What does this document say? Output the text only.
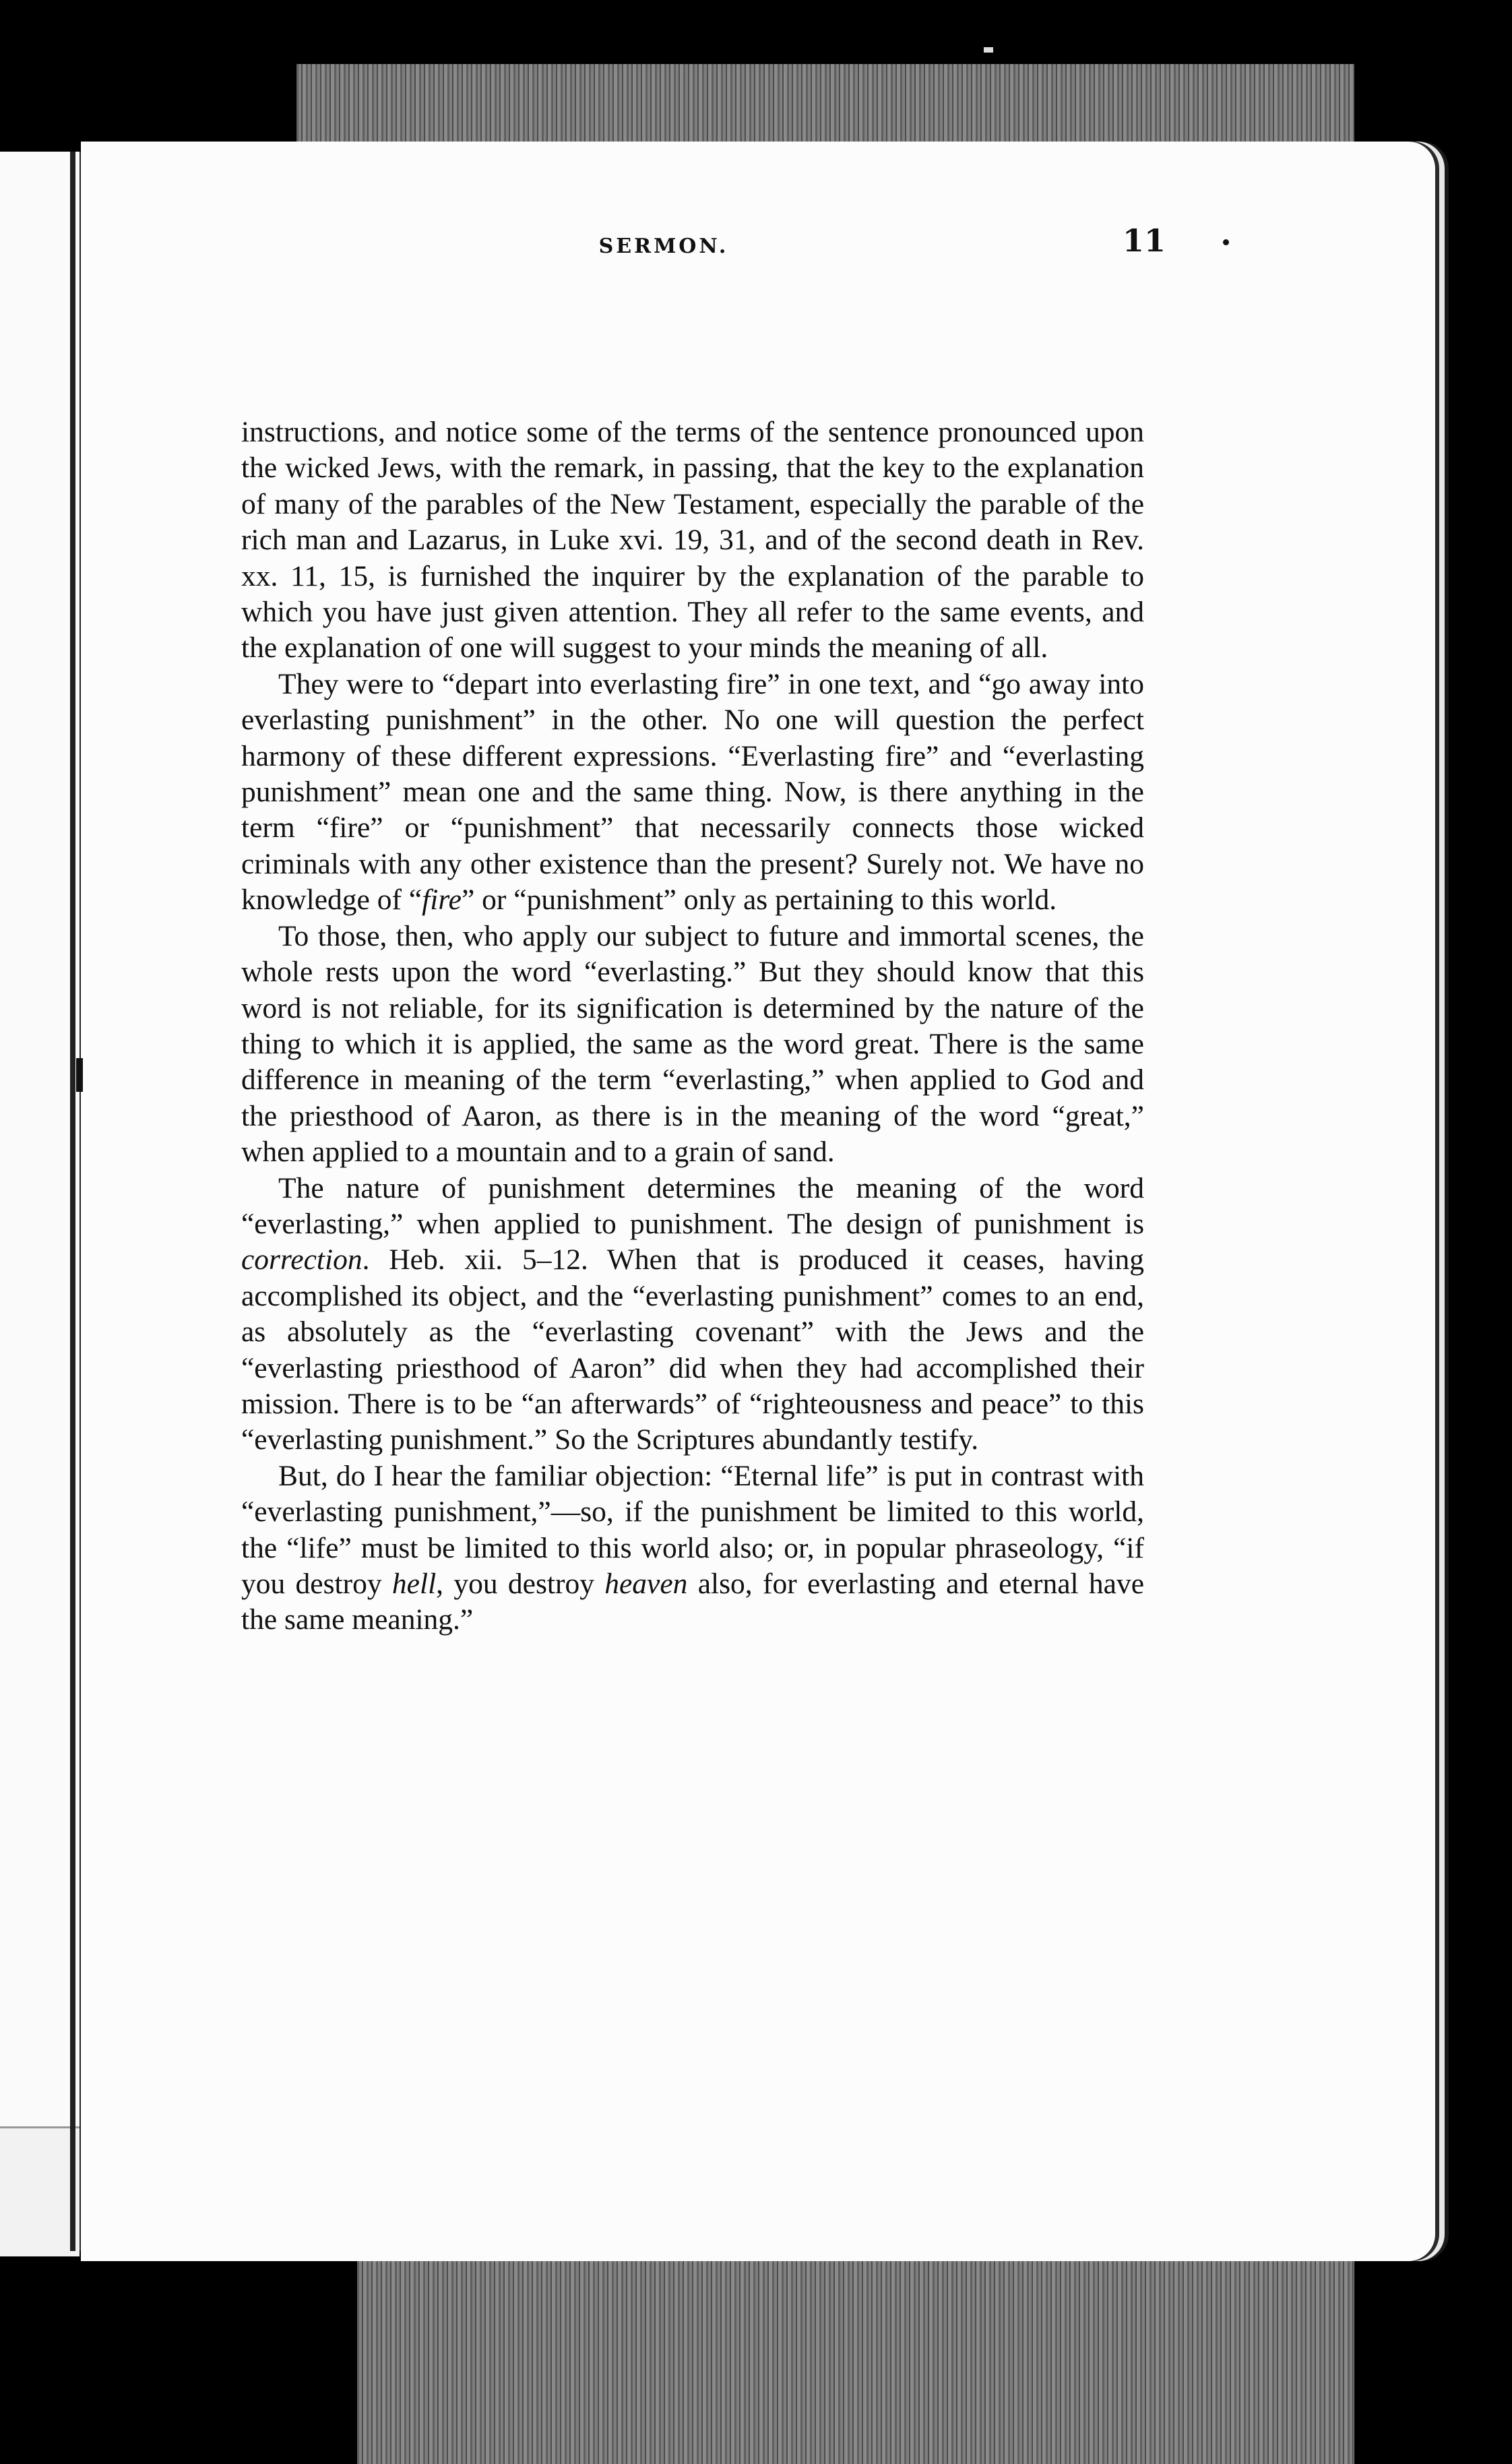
SERMON.	11

instructions, and notice some of the terms of the sentence pronounced upon the wicked Jews, with the remark, in passing, that the key to the explanation of many of the parables of the New Testament, especially the parable of the rich man and Lazarus, in Luke xvi. 19, 31, and of the second death in Rev. xx. 11, 15, is furnished the inquirer by the explanation of the parable to which you have just given attention. They all refer to the same events, and the explanation of one will suggest to your minds the meaning of all.

They were to “depart into everlasting fire” in one text, and “go away into everlasting punishment” in the other. No one will question the perfect harmony of these different expressions. “Everlasting fire” and “everlasting punishment” mean one and the same thing. Now, is there anything in the term “fire” or “punishment” that necessarily connects those wicked criminals with any other existence than the present? Surely not. We have no knowledge of “fire” or “punishment” only as pertaining to this world.

To those, then, who apply our subject to future and immortal scenes, the whole rests upon the word “everlasting.” But they should know that this word is not reliable, for its signification is determined by the nature of the thing to which it is applied, the same as the word great. There is the same difference in meaning of the term “everlasting,” when applied to God and the priesthood of Aaron, as there is in the meaning of the word “great,” when applied to a mountain and to a grain of sand.

The nature of punishment determines the meaning of the word “everlasting,” when applied to punishment. The design of punishment is correction. Heb. xii. 5–12. When that is produced it ceases, having accomplished its object, and the “everlasting punishment” comes to an end, as absolutely as the “everlasting covenant” with the Jews and the “everlasting priesthood of Aaron” did when they had accomplished their mission. There is to be “an afterwards” of “righteousness and peace” to this “everlasting punishment.” So the Scriptures abundantly testify.

But, do I hear the familiar objection: “Eternal life” is put in contrast with “everlasting punishment,”—so, if the punishment be limited to this world, the “life” must be limited to this world also; or, in popular phraseology, “if you destroy hell, you destroy heaven also, for everlasting and eternal have the same meaning.”
